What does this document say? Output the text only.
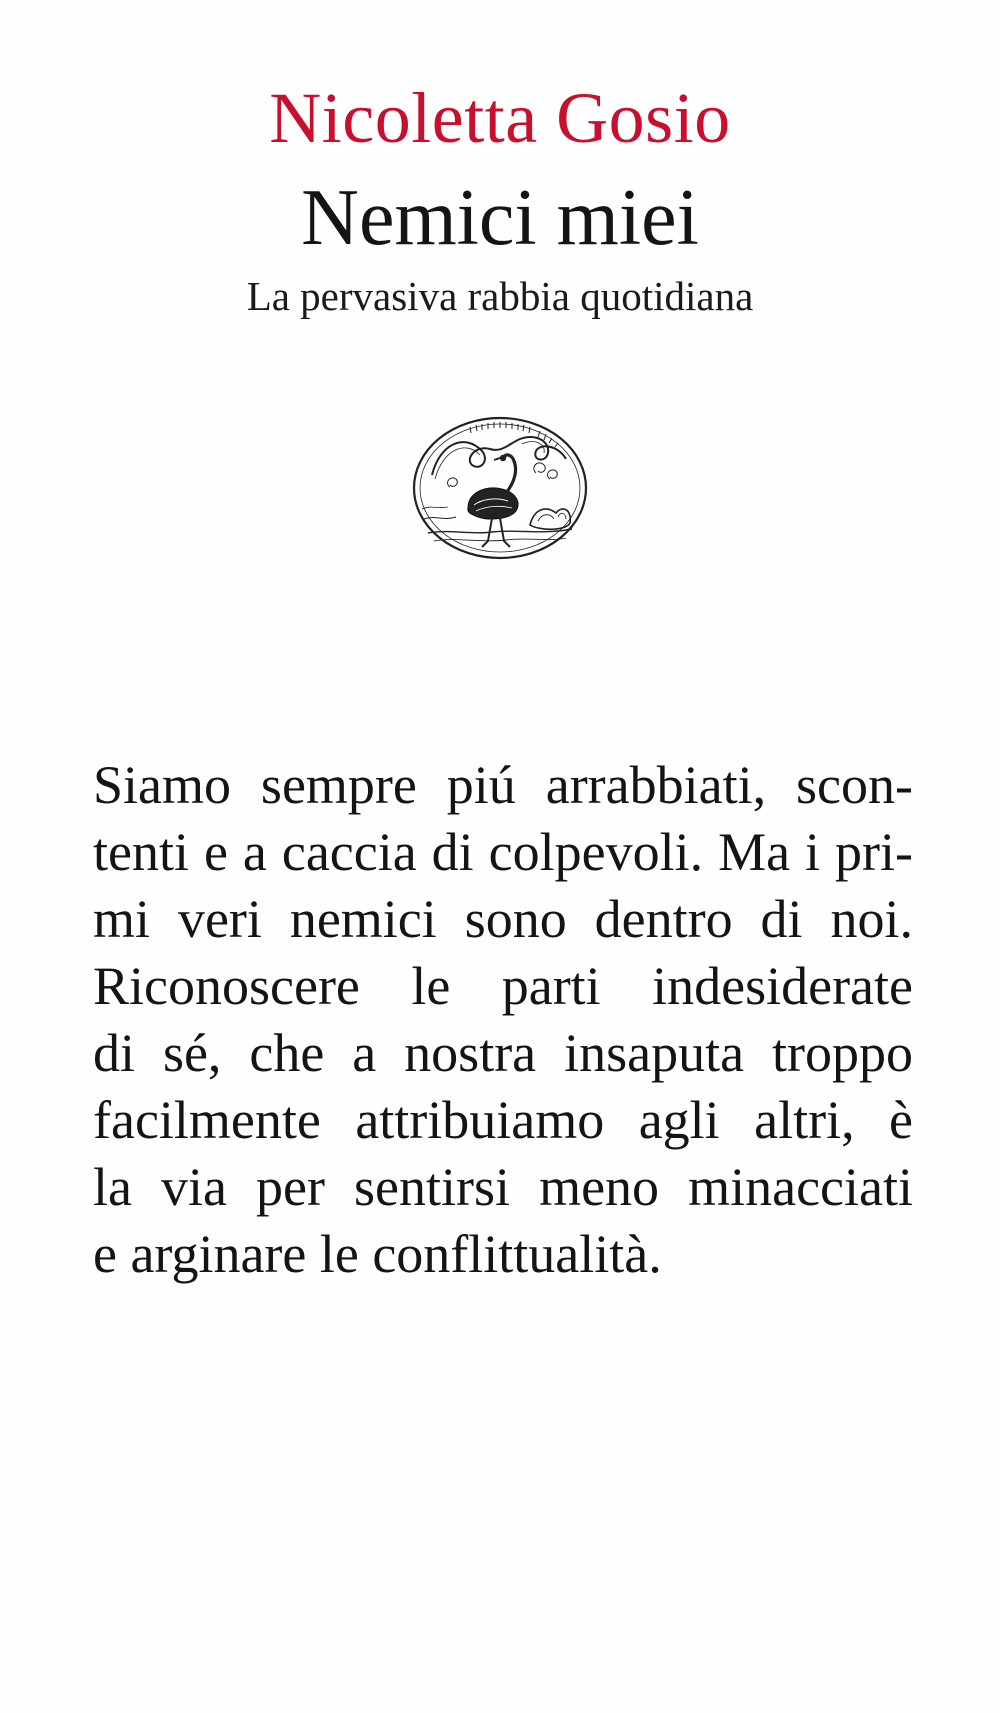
Nicoletta Gosio
Nemici miei
La pervasiva rabbia quotidiana
Siamo sempre piú arrabbiati, scon-
tenti e a caccia di colpevoli. Ma i pri-
mi veri nemici sono dentro di noi.
Riconoscere le parti indesiderate
di sé, che a nostra insaputa troppo
facilmente attribuiamo agli altri, è
la via per sentirsi meno minacciati
e arginare le conflittualità.
